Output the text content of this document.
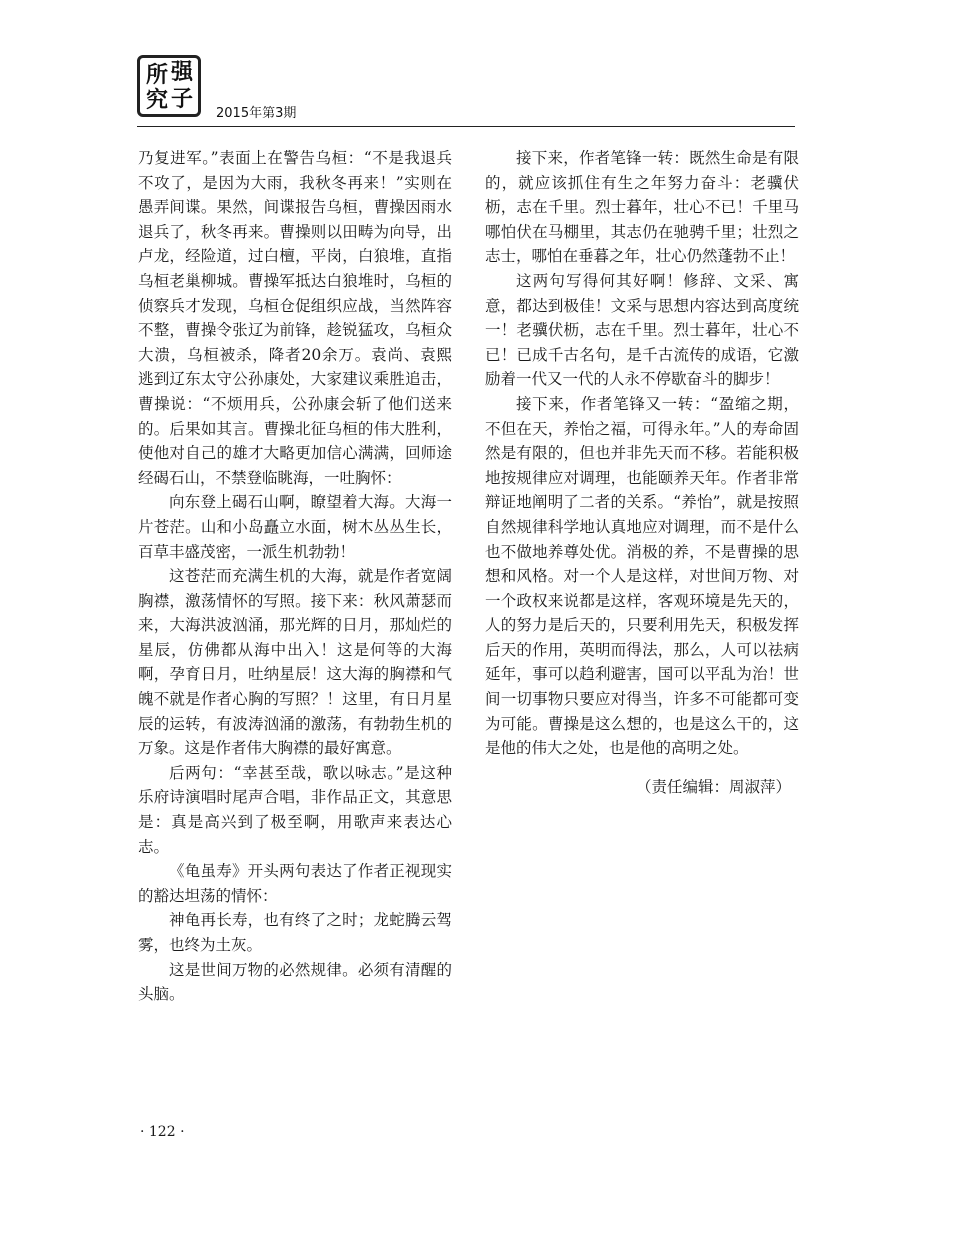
所 强
究 子
2015年第3期

乃复进军。”表面上在警告乌桓：“不是我退兵不攻了，是因为大雨，我秋冬再来！”实则在愚弄间谍。果然，间谍报告乌桓，曹操因雨水退兵了，秋冬再来。曹操则以田畴为向导，出卢龙，经险道，过白檀，平岗，白狼堆，直指乌桓老巢柳城。曹操军抵达白狼堆时，乌桓的侦察兵才发现，乌桓仓促组织应战，当然阵容不整，曹操令张辽为前锋，趁锐猛攻，乌桓众大溃，乌桓被杀，降者20余万。袁尚、袁熙逃到辽东太守公孙康处，大家建议乘胜追击，曹操说：“不烦用兵，公孙康会斩了他们送来的。后果如其言。曹操北征乌桓的伟大胜利，使他对自己的雄才大略更加信心满满，回师途经碣石山，不禁登临眺海，一吐胸怀：

向东登上碣石山啊，瞭望着大海。大海一片苍茫。山和小岛矗立水面，树木丛丛生长，百草丰盛茂密，一派生机勃勃！

这苍茫而充满生机的大海，就是作者宽阔胸襟，激荡情怀的写照。接下来：秋风萧瑟而来，大海洪波汹涌，那光辉的日月，那灿烂的星辰，仿佛都从海中出入！这是何等的大海啊，孕育日月，吐纳星辰！这大海的胸襟和气魄不就是作者心胸的写照？！这里，有日月星辰的运转，有波涛汹涌的激荡，有勃勃生机的万象。这是作者伟大胸襟的最好寓意。

后两句：“幸甚至哉，歌以咏志。”是这种乐府诗演唱时尾声合唱，非作品正文，其意思是：真是高兴到了极至啊，用歌声来表达心志。

《龟虽寿》开头两句表达了作者正视现实的豁达坦荡的情怀：

神龟再长寿，也有终了之时；龙蛇腾云驾雾，也终为土灰。

这是世间万物的必然规律。必须有清醒的头脑。

接下来，作者笔锋一转：既然生命是有限的，就应该抓住有生之年努力奋斗：老骥伏枥，志在千里。烈士暮年，壮心不已！千里马哪怕伏在马棚里，其志仍在驰骋千里；壮烈之志士，哪怕在垂暮之年，壮心仍然蓬勃不止！

这两句写得何其好啊！修辞、文采、寓意，都达到极佳！文采与思想内容达到高度统一！老骥伏枥，志在千里。烈士暮年，壮心不已！已成千古名句，是千古流传的成语，它激励着一代又一代的人永不停歇奋斗的脚步！

接下来，作者笔锋又一转：“盈缩之期，不但在天，养怡之福，可得永年。”人的寿命固然是有限的，但也并非先天而不移。若能积极地按规律应对调理，也能颐养天年。作者非常辩证地阐明了二者的关系。“养怡”，就是按照自然规律科学地认真地应对调理，而不是什么也不做地养尊处优。消极的养，不是曹操的思想和风格。对一个人是这样，对世间万物、对一个政权来说都是这样，客观环境是先天的，人的努力是后天的，只要利用先天，积极发挥后天的作用，英明而得法，那么，人可以祛病延年，事可以趋利避害，国可以平乱为治！世间一切事物只要应对得当，许多不可能都可变为可能。曹操是这么想的，也是这么干的，这是他的伟大之处，也是他的高明之处。

（责任编辑：周淑萍）

· 122 ·
